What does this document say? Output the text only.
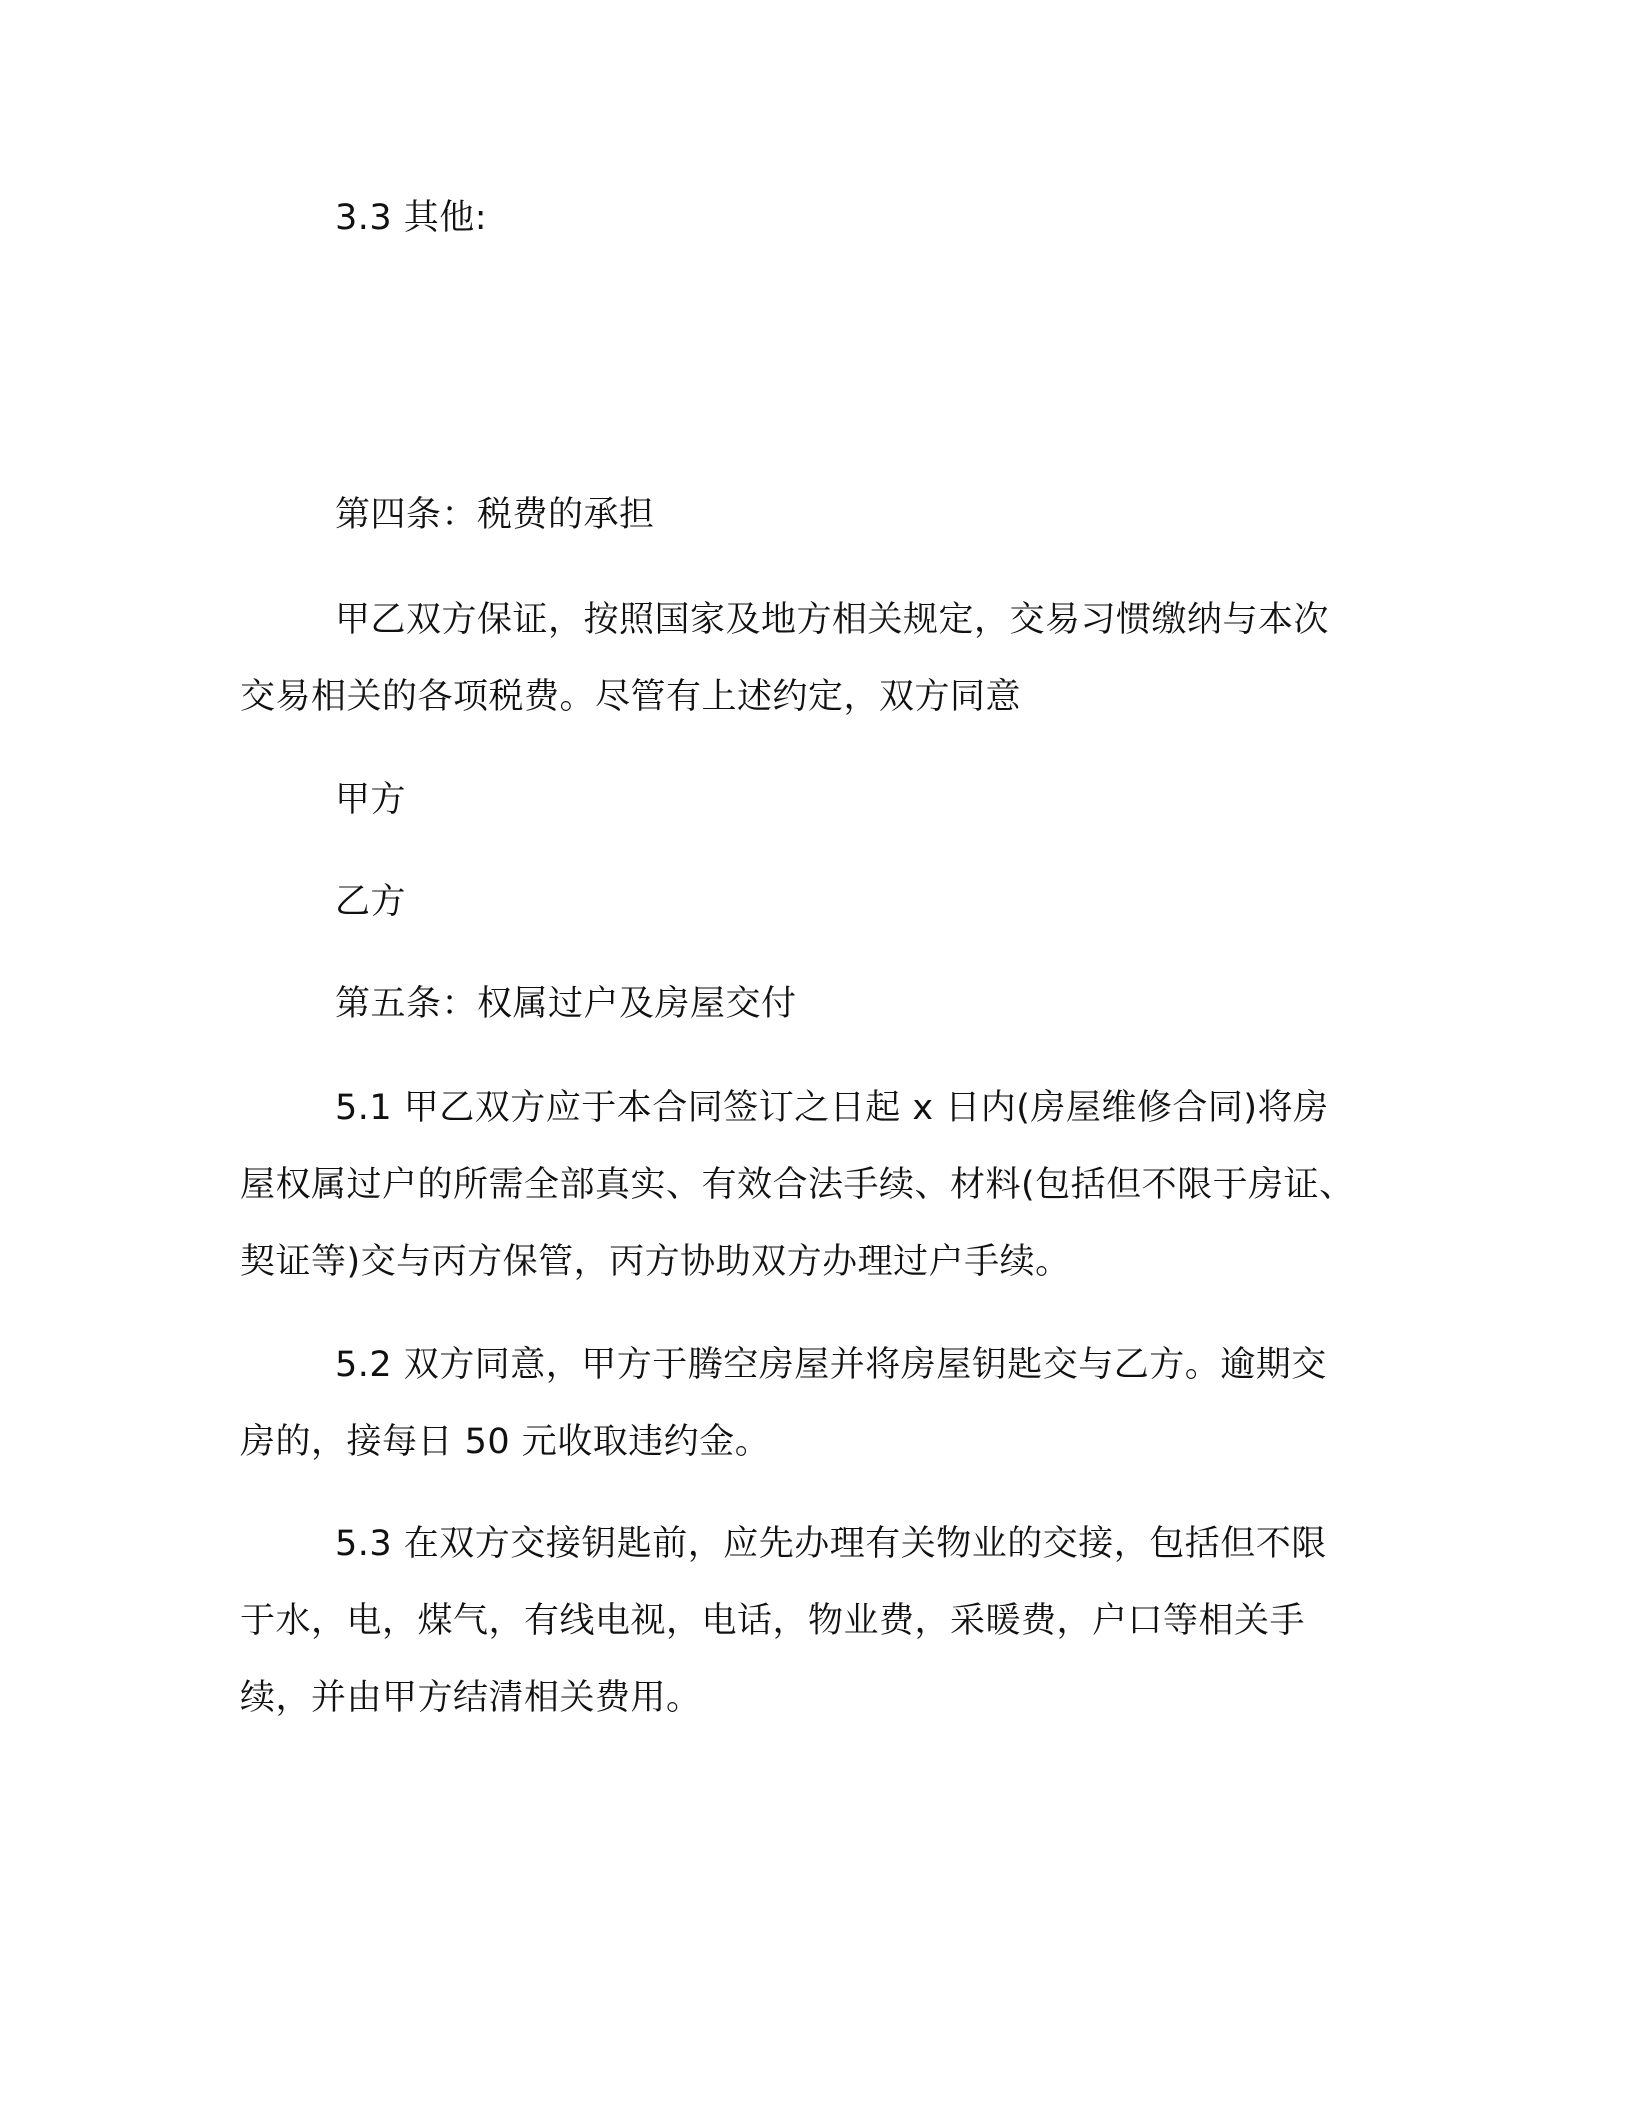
3.3 其他:

第四条：税费的承担

甲乙双方保证，按照国家及地方相关规定，交易习惯缴纳与本次
交易相关的各项税费。尽管有上述约定，双方同意

甲方

乙方

第五条：权属过户及房屋交付

5.1 甲乙双方应于本合同签订之日起 x 日内(房屋维修合同)将房
屋权属过户的所需全部真实、有效合法手续、材料(包括但不限于房证、
契证等)交与丙方保管，丙方协助双方办理过户手续。

5.2 双方同意，甲方于腾空房屋并将房屋钥匙交与乙方。逾期交
房的，接每日 50 元收取违约金。

5.3 在双方交接钥匙前，应先办理有关物业的交接，包括但不限
于水，电，煤气，有线电视，电话，物业费，采暖费，户口等相关手
续，并由甲方结清相关费用。
